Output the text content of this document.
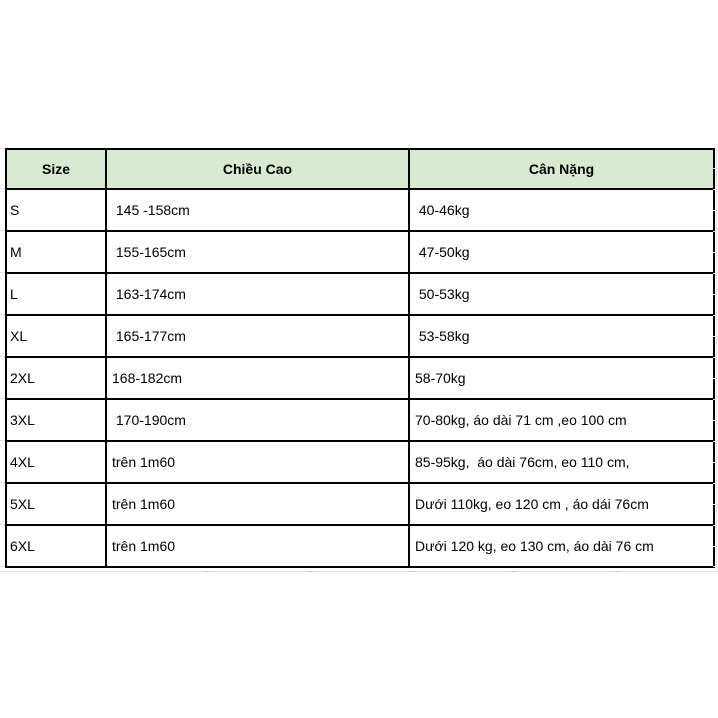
Size	Chiều Cao	Cân Nặng
S	145 -158cm	40-46kg
M	155-165cm	47-50kg
L	163-174cm	50-53kg
XL	165-177cm	53-58kg
2XL	168-182cm	58-70kg
3XL	170-190cm	70-80kg, áo dài 71 cm ,eo 100 cm
4XL	trên 1m60	85-95kg,  áo dài 76cm, eo 110 cm,
5XL	trên 1m60	Dưới 110kg, eo 120 cm , áo dái 76cm
6XL	trên 1m60	Dưới 120 kg, eo 130 cm, áo dài 76 cm
